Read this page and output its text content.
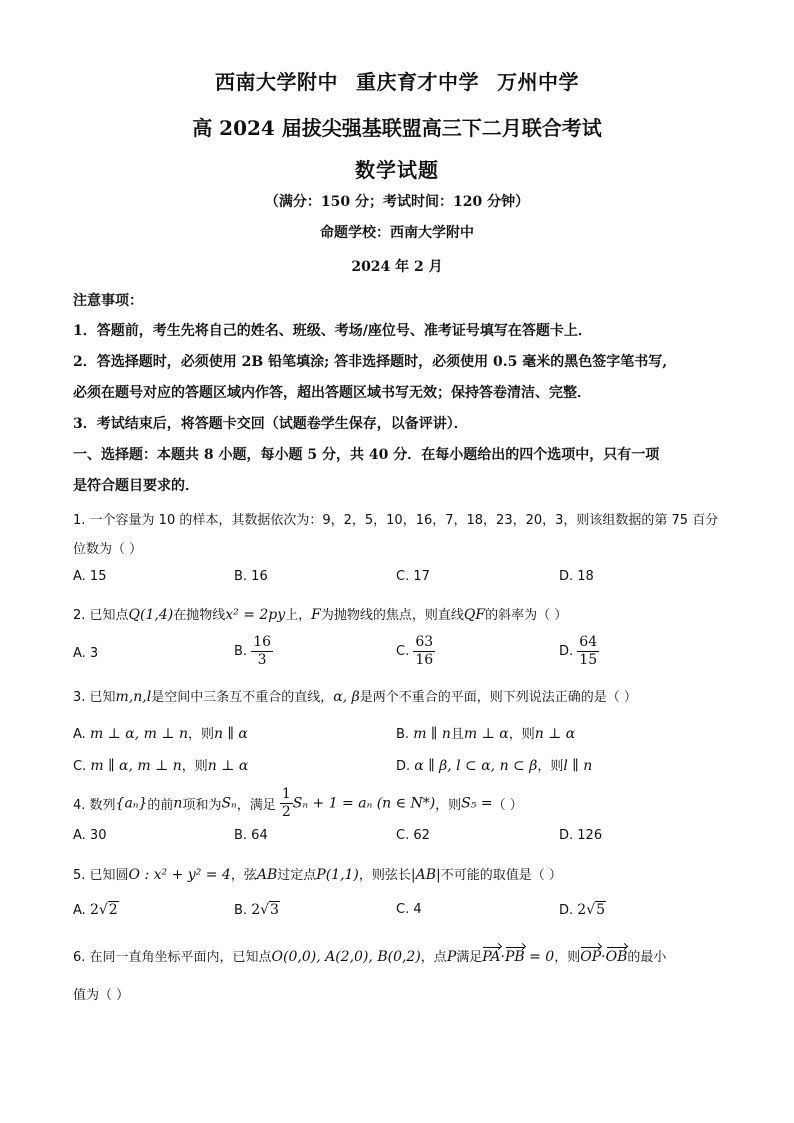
西南大学附中 重庆育才中学 万州中学
高 2024 届拔尖强基联盟高三下二月联合考试
数学试题
（满分：150 分；考试时间：120 分钟）
命题学校：西南大学附中
2024 年 2 月
注意事项：
1．答题前，考生先将自己的姓名、班级、考场/座位号、准考证号填写在答题卡上．
2．答选择题时，必须使用 2B 铅笔填涂; 答非选择题时，必须使用 0.5 毫米的黑色签字笔书写,
必须在题号对应的答题区域内作答，超出答题区域书写无效；保持答卷清洁、完整．
3．考试结束后，将答题卡交回（试题卷学生保存，以备评讲）．
一、选择题：本题共 8 小题，每小题 5 分，共 40 分．在每小题给出的四个选项中，只有一项
是符合题目要求的．
1. 一个容量为 10 的样本，其数据依次为：9，2，5，10，16，7，18，23，20，3，则该组数据的第 75 百分
位数为（ ）
A. 15	B. 16	C. 17	D. 18
2. 已知点Q(1,4)在抛物线x² = 2py上，F为抛物线的焦点，则直线QF的斜率为（ ）
A. 3	B. $\frac{16}{3}$	C. $\frac{63}{16}$	D. $\frac{64}{15}$
3. 已知m,n,l是空间中三条互不重合的直线，α, β是两个不重合的平面，则下列说法正确的是（ ）
A. m ⊥ α, m ⊥ n，则n ∥ α	B. m ∥ n且m ⊥ α，则n ⊥ α
C. m ∥ α, m ⊥ n，则n ⊥ α	D. α ∥ β, l ⊂ α, n ⊂ β，则l ∥ n
4. 数列{aₙ}的前n项和为Sₙ，满足 $\frac{1}{2}$ Sₙ + 1 = aₙ (n ∈ N*)，则S₅ =（ ）
A. 30	B. 64	C. 62	D. 126
5. 已知圆O : x² + y² = 4，弦AB过定点P(1,1)，则弦长|AB|不可能的取值是（ ）
A. 2√2	B. 2√3	C. 4	D. 2√5
6. 在同一直角坐标平面内，已知点O(0,0), A(2,0), B(0,2)，点P满足PA·PB = 0，则OP·OB的最小
值为（ ）
